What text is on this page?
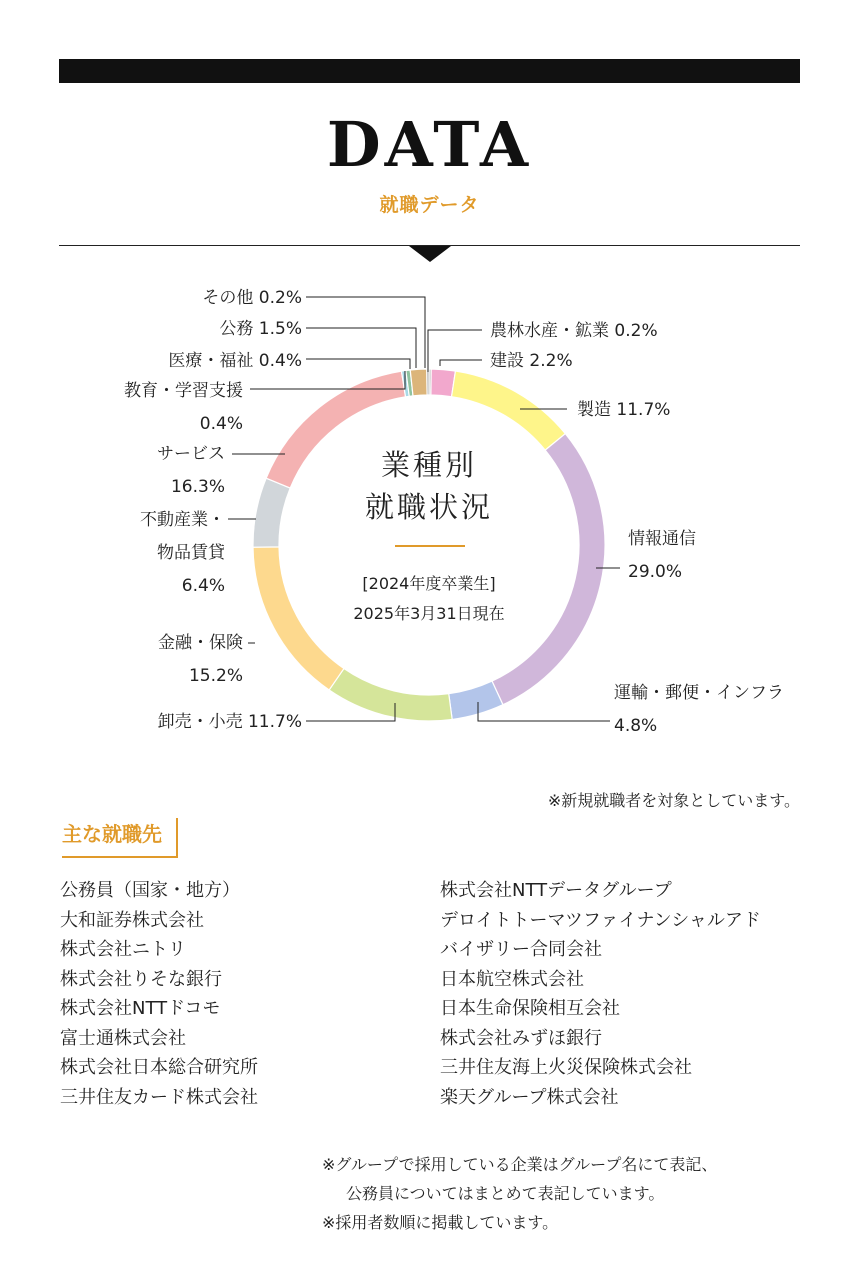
DATA
就職データ
農林水産・鉱業 0.2%
建設 2.2%
製造 11.7%
情報通信 29.0%
運輸・郵便・インフラ 4.8%
卸売・小売 11.7%
金融・保険 15.2%
不動産業・物品賃貸 6.4%
サービス 16.3%
教育・学習支援 0.4%
医療・福祉 0.4%
公務 1.5%
その他 0.2%
業種別就職状況
[2024年度卒業生] 2025年3月31日現在
※新規就職者を対象としています。
主な就職先
公務員（国家・地方）
大和証券株式会社
株式会社ニトリ
株式会社りそな銀行
株式会社NTTドコモ
富士通株式会社
株式会社日本総合研究所
三井住友カード株式会社
株式会社NTTデータグループ
デロイトトーマツファイナンシャルアド
バイザリー合同会社
日本航空株式会社
日本生命保険相互会社
株式会社みずほ銀行
三井住友海上火災保険株式会社
楽天グループ株式会社
※グループで採用している企業はグループ名にて表記、
公務員についてはまとめて表記しています。
※採用者数順に掲載しています。
